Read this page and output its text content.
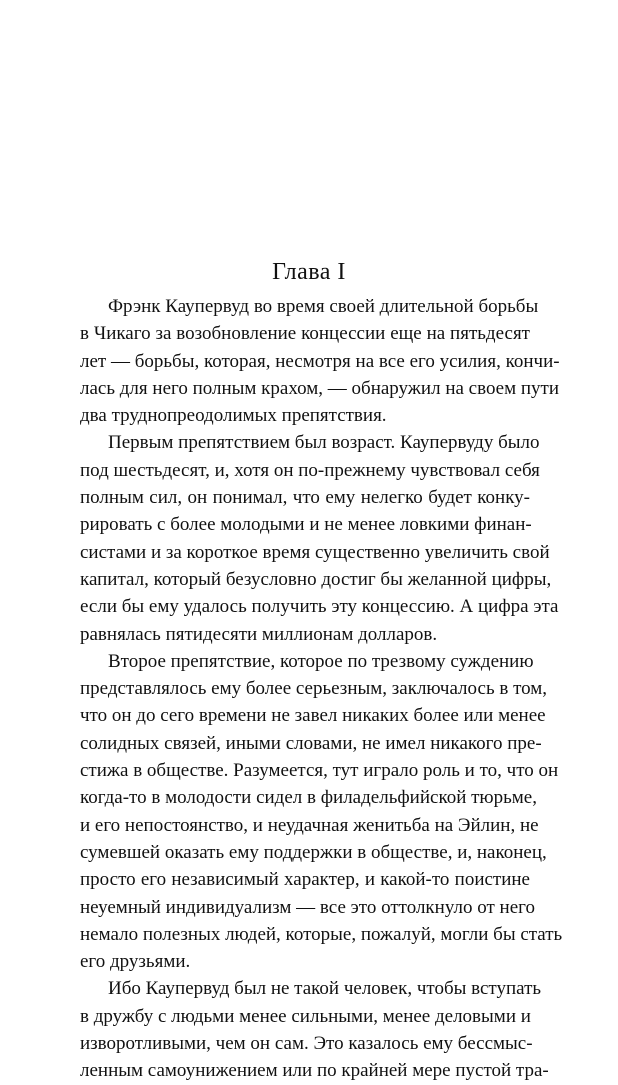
Глава I
Фрэнк Каупервуд во время своей длительной борьбы
в Чикаго за возобновление концессии еще на пятьдесят
лет — борьбы, которая, несмотря на все его усилия, кончи-
лась для него полным крахом, — обнаружил на своем пути
два труднопреодолимых препятствия.
Первым препятствием был возраст. Каупервуду было
под шестьдесят, и, хотя он по-прежнему чувствовал себя
полным сил, он понимал, что ему нелегко будет конку-
рировать с более молодыми и не менее ловкими финан-
систами и за короткое время существенно увеличить свой
капитал, который безусловно достиг бы желанной цифры,
если бы ему удалось получить эту концессию. А цифра эта
равнялась пятидесяти миллионам долларов.
Второе препятствие, которое по трезвому суждению
представлялось ему более серьезным, заключалось в том,
что он до сего времени не завел никаких более или менее
солидных связей, иными словами, не имел никакого пре-
стижа в обществе. Разумеется, тут играло роль и то, что он
когда-то в молодости сидел в филадельфийской тюрьме,
и его непостоянство, и неудачная женитьба на Эйлин, не
сумевшей оказать ему поддержки в обществе, и, наконец,
просто его независимый характер, и какой-то поистине
неуемный индивидуализм — все это оттолкнуло от него
немало полезных людей, которые, пожалуй, могли бы стать
его друзьями.
Ибо Каупервуд был не такой человек, чтобы вступать
в дружбу с людьми менее сильными, менее деловыми и
изворотливыми, чем он сам. Это казалось ему бессмыс-
ленным самоунижением или по крайней мере пустой тра-
